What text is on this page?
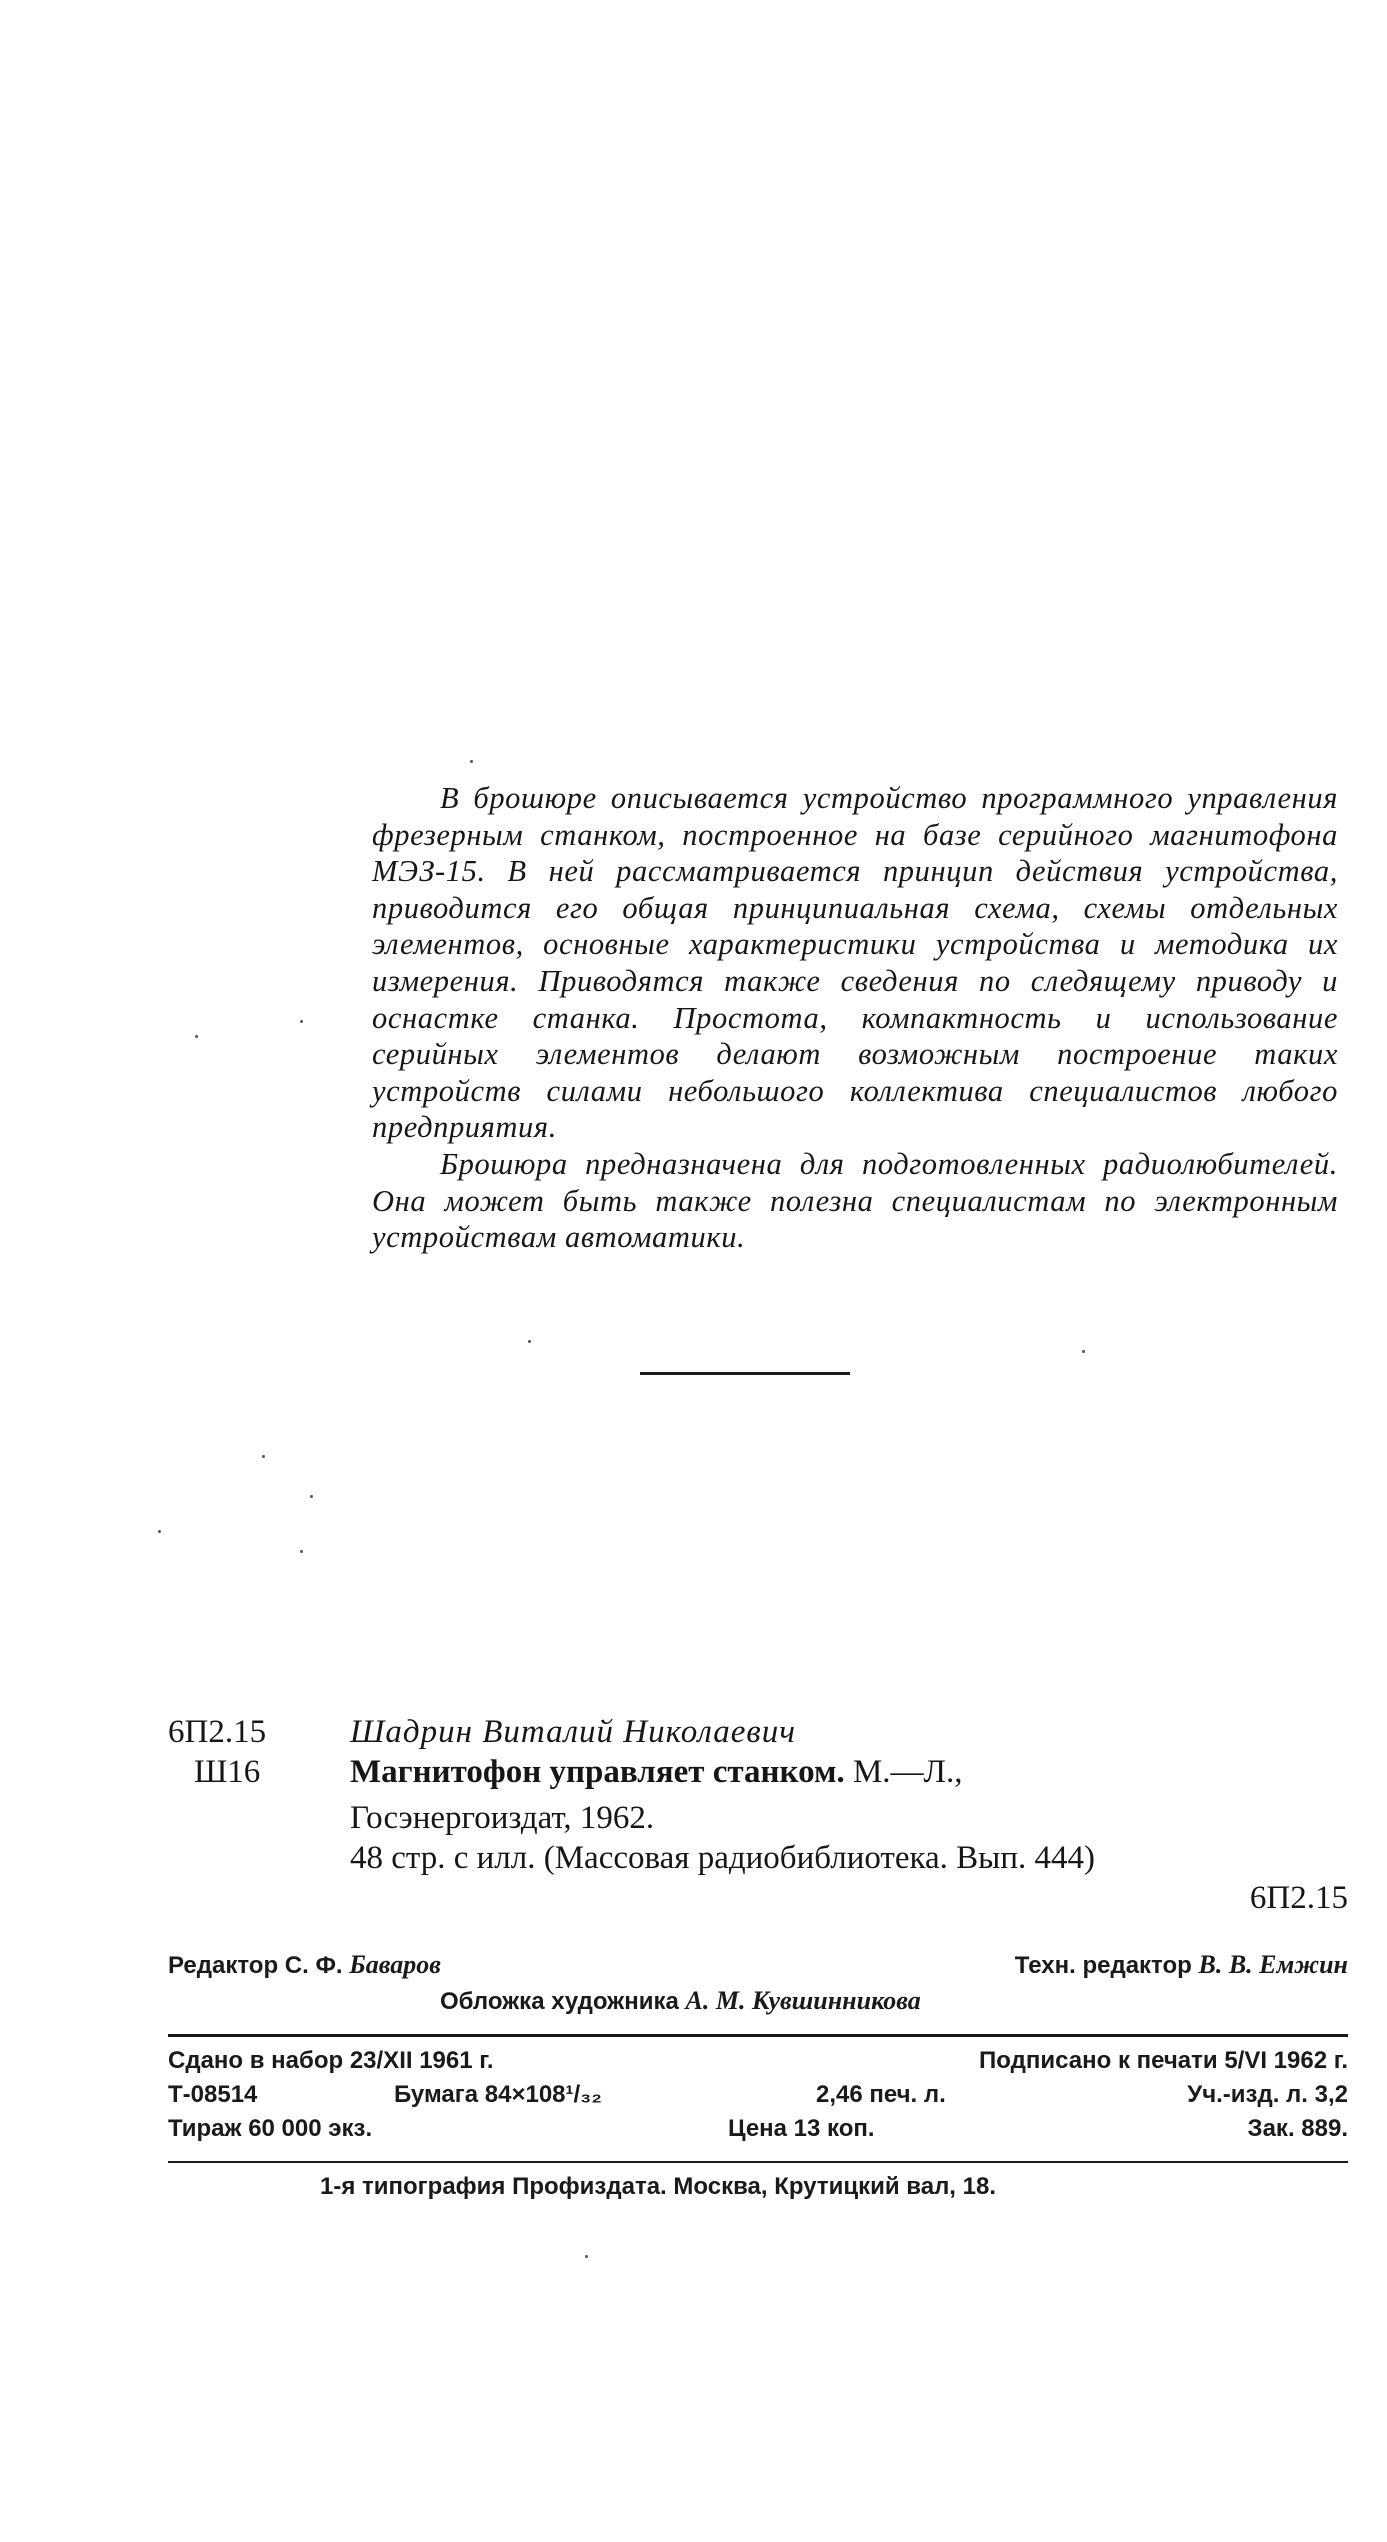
В брошюре описывается устройство программного управления фрезерным станком, построенное на базе серийного магнитофона МЭЗ-15. В ней рассматривается принцип действия устройства, приводится его общая принципиальная схема, схемы отдельных элементов, основные характеристики устройства и методика их измерения. Приводятся также сведения по следящему приводу и оснастке станка. Простота, компактность и использование серийных элементов делают возможным построение таких устройств силами небольшого коллектива специалистов любого предприятия.

Брошюра предназначена для подготовленных радиолюбителей. Она может быть также полезна специалистам по электронным устройствам автоматики.

6П2.15	Шадрин Виталий Николаевич
Ш16	Магнитофон управляет станком. М.—Л.,
Госэнергоиздат, 1962.
48 стр. с илл. (Массовая радиобиблиотека. Вып. 444)
6П2.15
Редактор С. Ф. Баваров	Техн. редактор В. В. Емжин
Обложка художника А. М. Кувшинникова
Сдано в набор 23/XII 1961 г.	Подписано к печати 5/VI 1962 г.
Т-08514	Бумага 84×108¹/₃₂	2,46 печ. л.	Уч.-изд. л. 3,2
Тираж 60 000 экз.	Цена 13 коп.	Зак. 889.
1-я типография Профиздата. Москва, Крутицкий вал, 18.
